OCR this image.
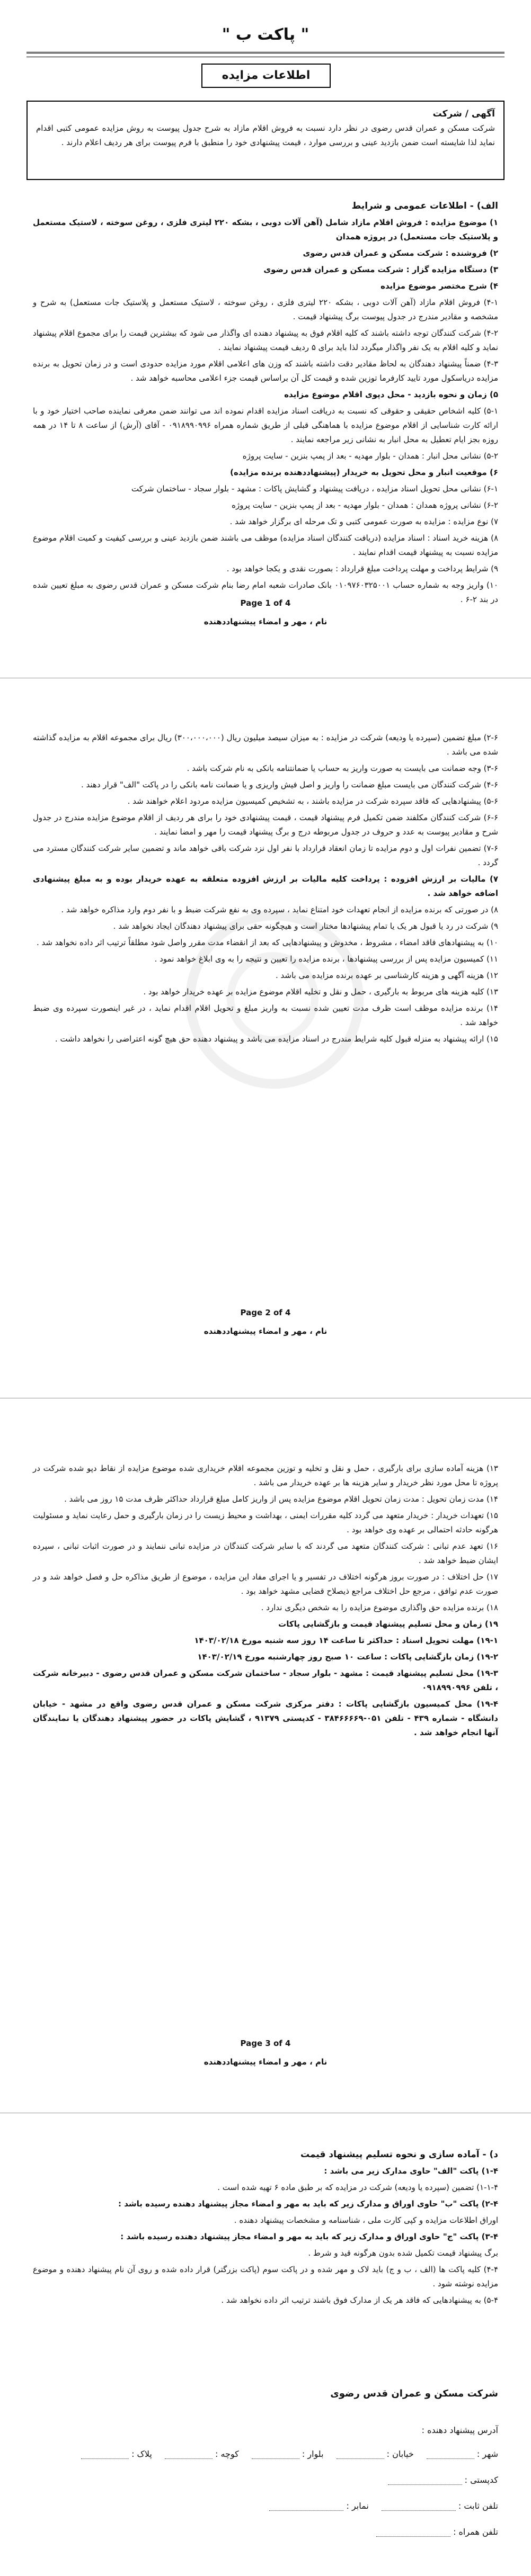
" پاکت ب "
اطلاعات مزایده
آگهی / شرکت
شرکت مسکن و عمران قدس رضوی در نظر دارد نسبت به فروش اقلام مازاد به شرح جدول پیوست به روش مزایده عمومی کتبی اقدام نماید لذا شایسته است ضمن بازدید عینی و بررسی موارد ، قیمت پیشنهادی خود را منطبق با فرم پیوست برای هر ردیف اعلام دارند .

الف) - اطلاعات عمومی و شرایط

۱) موضوع مزایده : فروش اقلام مازاد شامل (آهن آلات دوبی ، بشکه ۲۲۰ لیتری فلزی ، روغن سوخته ، لاستیک مستعمل و پلاستیک جات مستعمل) در پروژه همدان

۲) فروشنده : شرکت مسکن و عمران قدس رضوی

۳) دستگاه مزایده گزار : شرکت مسکن و عمران قدس رضوی

۴) شرح مختصر موضوع مزایده

۴-۱) فروش اقلام مازاد (آهن آلات دوبی ، بشکه ۲۲۰ لیتری فلزی ، روغن سوخته ، لاستیک مستعمل و پلاستیک جات مستعمل) به شرح و مشخصه و مقادیر مندرج در جدول پیوست برگ پیشنهاد قیمت .

۴-۲) شرکت کنندگان توجه داشته باشند که کلیه اقلام فوق به پیشنهاد دهنده ای واگذار می شود که بیشترین قیمت را برای مجموع اقلام پیشنهاد نماید و کلیه اقلام به یک نفر واگذار میگردد لذا باید برای ۵ ردیف قیمت پیشنهاد نمایند .

۴-۳) ضمناً پیشنهاد دهندگان به لحاظ مقادیر دقت داشته باشند که وزن های اعلامی اقلام مورد مزایده حدودی است و در زمان تحویل به برنده مزایده دریاسکول مورد تایید کارفرما توزین شده و قیمت کل آن براساس قیمت جزء اعلامی محاسبه خواهد شد .

۵) زمان و نحوه بازدید - محل دپوی اقلام موضوع مزایده

۵-۱) کلیه اشخاص حقیقی و حقوقی که نسبت به دریافت اسناد مزایده اقدام نموده اند می توانند ضمن معرفی نماینده صاحب اختیار خود و با ارائه کارت شناسایی از اقلام موضوع مزایده با هماهنگی قبلی از طریق شماره همراه ۰۹۱۸۹۹۰۹۹۶ - آقای (آرش) از ساعت ۸ تا ۱۴ در همه روزه بجز ایام تعطیل به محل انبار به نشانی زیر مراجعه نمایند .

۵-۲) نشانی محل انبار : همدان - بلوار مهدیه - بعد از پمپ بنزین - سایت پروژه

۶) موقعیت انبار و محل تحویل به خریدار (پیشنهاددهنده برنده مزایده)

۶-۱) نشانی محل تحویل اسناد مزایده ، دریافت پیشنهاد و گشایش پاکات : مشهد - بلوار سجاد - ساختمان شرکت

۶-۲) نشانی پروژه همدان : همدان - بلوار مهدیه - بعد از پمپ بنزین - سایت پروژه

۷) نوع مزایده : مزایده به صورت عمومی کتبی و تک مرحله ای برگزار خواهد شد .

۸) هزینه خرید اسناد : اسناد مزایده (دریافت کنندگان اسناد مزایده) موظف می باشند ضمن بازدید عینی و بررسی کیفیت و کمیت اقلام موضوع مزایده نسبت به پیشنهاد قیمت اقدام نمایند .

۹) شرایط پرداخت و مهلت پرداخت مبلغ قرارداد : بصورت نقدی و یکجا خواهد بود .

۱۰) واریز وجه به شماره حساب ۰۱۰۹۷۶۰۳۲۵۰۰۱ بانک صادرات شعبه امام رضا بنام شرکت مسکن و عمران قدس رضوی به مبلغ تعیین شده در بند ۲-۶ .

Page 1 of 4
نام ، مهر و امضاء پیشنهاددهنده

۲-۶) مبلغ تضمین (سپرده یا ودیعه) شرکت در مزایده : به میزان سیصد میلیون ریال (۳۰۰،۰۰۰،۰۰۰) ریال برای مجموعه اقلام به مزایده گذاشته شده می باشد .

۳-۶) وجه ضمانت می بایست به صورت واریز به حساب یا ضمانتنامه بانکی به نام شرکت باشد .

۴-۶) شرکت کنندگان می بایست مبلغ ضمانت را واریز و اصل فیش واریزی و یا ضمانت نامه بانکی را در پاکت "الف" قرار دهند .

۵-۶) پیشنهادهایی که فاقد سپرده شرکت در مزایده باشند ، به تشخیص کمیسیون مزایده مردود اعلام خواهند شد .

۶-۶) شرکت کنندگان مکلفند ضمن تکمیل فرم پیشنهاد قیمت ، قیمت پیشنهادی خود را برای هر ردیف از اقلام موضوع مزایده مندرج در جدول شرح و مقادیر پیوست به عدد و حروف در جدول مربوطه درج و برگ پیشنهاد قیمت را مهر و امضا نمایند .

۷-۶) تضمین نفرات اول و دوم مزایده تا زمان انعقاد قرارداد با نفر اول نزد شرکت باقی خواهد ماند و تضمین سایر شرکت کنندگان مسترد می گردد .

۷) مالیات بر ارزش افزوده : پرداخت کلیه مالیات بر ارزش افزوده متعلقه به عهده خریدار بوده و به مبلغ پیشنهادی اضافه خواهد شد .

۸) در صورتی که برنده مزایده از انجام تعهدات خود امتناع نماید ، سپرده وی به نفع شرکت ضبط و با نفر دوم وارد مذاکره خواهد شد .

۹) شرکت در رد یا قبول هر یک یا تمام پیشنهادها مختار است و هیچگونه حقی برای پیشنهاد دهندگان ایجاد نخواهد شد .

۱۰) به پیشنهادهای فاقد امضاء ، مشروط ، مخدوش و پیشنهادهایی که بعد از انقضاء مدت مقرر واصل شود مطلقاً ترتیب اثر داده نخواهد شد .

۱۱) کمیسیون مزایده پس از بررسی پیشنهادها ، برنده مزایده را تعیین و نتیجه را به وی ابلاغ خواهد نمود .

۱۲) هزینه آگهی و هزینه کارشناسی بر عهده برنده مزایده می باشد .

۱۳) کلیه هزینه های مربوط به بارگیری ، حمل و نقل و تخلیه اقلام موضوع مزایده بر عهده خریدار خواهد بود .

۱۴) برنده مزایده موظف است ظرف مدت تعیین شده نسبت به واریز مبلغ و تحویل اقلام اقدام نماید ، در غیر اینصورت سپرده وی ضبط خواهد شد .

۱۵) ارائه پیشنهاد به منزله قبول کلیه شرایط مندرج در اسناد مزایده می باشد و پیشنهاد دهنده حق هیچ گونه اعتراضی را نخواهد داشت .

Page 2 of 4
نام ، مهر و امضاء پیشنهاددهنده

۱۳) هزینه آماده سازی برای بارگیری ، حمل و نقل و تخلیه و توزین مجموعه اقلام خریداری شده موضوع مزایده از نقاط دپو شده شرکت در پروژه تا محل مورد نظر خریدار و سایر هزینه ها بر عهده خریدار می باشد .

۱۴) مدت زمان تحویل : مدت زمان تحویل اقلام موضوع مزایده پس از واریز کامل مبلغ قرارداد حداکثر ظرف مدت ۱۵ روز می باشد .

۱۵) تعهدات خریدار : خریدار متعهد می گردد کلیه مقررات ایمنی ، بهداشت و محیط زیست را در زمان بارگیری و حمل رعایت نماید و مسئولیت هرگونه حادثه احتمالی بر عهده وی خواهد بود .

۱۶) تعهد عدم تبانی : شرکت کنندگان متعهد می گردند که با سایر شرکت کنندگان در مزایده تبانی ننمایند و در صورت اثبات تبانی ، سپرده ایشان ضبط خواهد شد .

۱۷) حل اختلاف : در صورت بروز هرگونه اختلاف در تفسیر و یا اجرای مفاد این مزایده ، موضوع از طریق مذاکره حل و فصل خواهد شد و در صورت عدم توافق ، مرجع حل اختلاف مراجع ذیصلاح قضایی مشهد خواهد بود .

۱۸) برنده مزایده حق واگذاری موضوع مزایده را به شخص دیگری ندارد .

۱۹) زمان و محل تسلیم پیشنهاد قیمت و بازگشایی پاکات

۱۹-۱) مهلت تحویل اسناد : حداکثر تا ساعت ۱۴ روز سه شنبه مورخ ۱۴۰۳/۰۲/۱۸

۱۹-۲) زمان بازگشایی پاکات : ساعت ۱۰ صبح روز چهارشنبه مورخ ۱۴۰۳/۰۲/۱۹

۱۹-۳) محل تسلیم پیشنهاد قیمت : مشهد - بلوار سجاد - ساختمان شرکت مسکن و عمران قدس رضوی - دبیرخانه شرکت ، تلفن ۰۹۱۸۹۹۰۹۹۶

۱۹-۴) محل کمیسیون بازگشایی پاکات : دفتر مرکزی شرکت مسکن و عمران قدس رضوی واقع در مشهد - خیابان دانشگاه - شماره ۴۳۹ - تلفن ۰۵۱-۳۸۴۶۶۶۶۹ - کدپستی ۹۱۳۷۹ ، گشایش پاکات در حضور پیشنهاد دهندگان یا نمایندگان آنها انجام خواهد شد .

Page 3 of 4
نام ، مهر و امضاء پیشنهاددهنده

د) - آماده سازی و نحوه تسلیم پیشنهاد قیمت

۱-۴) پاکت "الف" حاوی مدارک زیر می باشد :

۱-۱-۴) تضمین (سپرده یا ودیعه) شرکت در مزایده که بر طبق ماده ۶ تهیه شده است .

۲-۴) پاکت "ب" حاوی اوراق و مدارک زیر که باید به مهر و امضاء مجاز پیشنهاد دهنده رسیده باشد :

اوراق اطلاعات مزایده و کپی کارت ملی ، شناسنامه و مشخصات پیشنهاد دهنده .

۳-۴) پاکت "ج" حاوی اوراق و مدارک زیر که باید به مهر و امضاء مجاز پیشنهاد دهنده رسیده باشد :

برگ پیشنهاد قیمت تکمیل شده بدون هرگونه قید و شرط .

۴-۴) کلیه پاکت ها (الف ، ب و ج) باید لاک و مهر شده و در پاکت سوم (پاکت بزرگتر) قرار داده شده و روی آن نام پیشنهاد دهنده و موضوع مزایده نوشته شود .

۵-۴) به پیشنهادهایی که فاقد هر یک از مدارک فوق باشند ترتیب اثر داده نخواهد شد .

شرکت مسکن و عمران قدس رضوی
آدرس پیشنهاد دهنده :
شهر :
خیابان :
بلوار :
کوچه :
پلاک :
کدپستی :
تلفن ثابت :
نمابر :
تلفن همراه :
